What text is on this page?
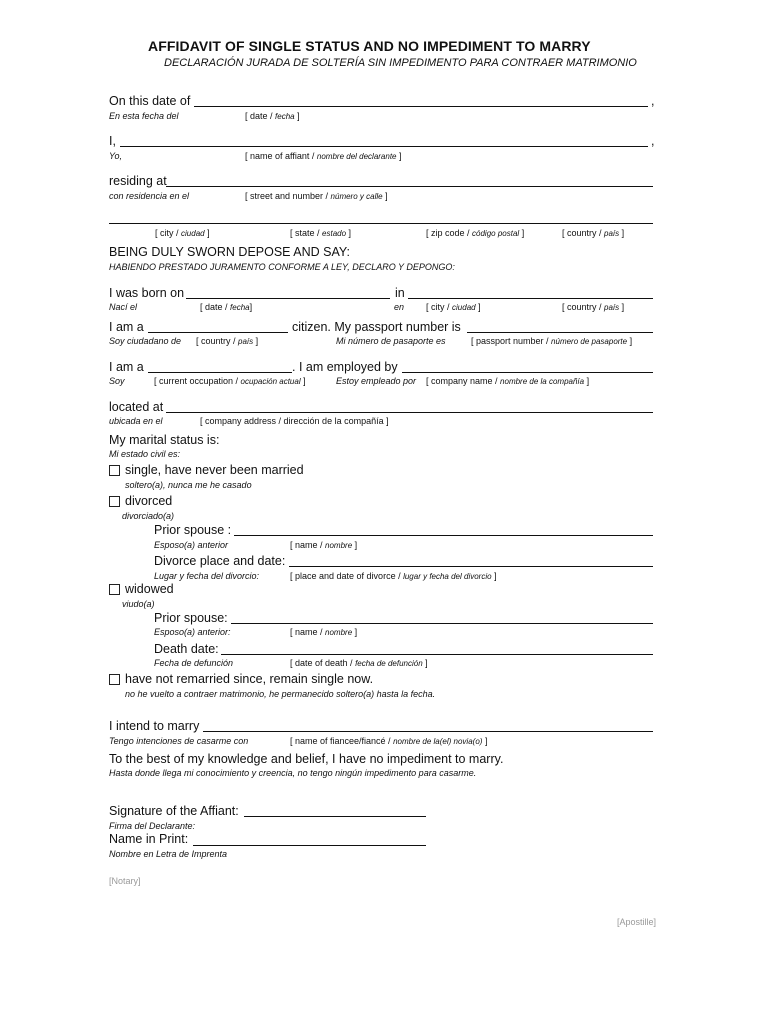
AFFIDAVIT OF SINGLE STATUS AND NO IMPEDIMENT TO MARRY
DECLARACIÓN JURADA DE SOLTERÍA SIN IMPEDIMENTO PARA CONTRAER MATRIMONIO
On this date of	,
En esta fecha del	[ date / fecha ]
I,	,
Yo,	[ name of affiant / nombre del declarante ]
residing at
con residencia en el	[ street and number / número y calle ]
[ city / ciudad ]	[ state / estado ]	[ zip code / código postal ]	[ country / país ]
BEING DULY SWORN DEPOSE AND SAY:
HABIENDO PRESTADO JURAMENTO CONFORME A LEY, DECLARO Y DEPONGO:
I was born on	in
Nací el	[ date / fecha]	en [ city / ciudad ]	[ country / país ]
I am a	citizen. My passport number is
Soy ciudadano de [ country / país ]	Mi número de pasaporte es	[ passport number / número de pasaporte ]
I am a	. I am employed by
Soy	[ current occupation / ocupación actual ]	Estoy empleado por [ company name / nombre de la compañía ]
located at
ubicada en el	[ company address / dirección de la compañía ]
My marital status is:
Mi estado civil es:
single, have never been married
soltero(a), nunca me he casado
divorced
divorciado(a)
Prior spouse :
Esposo(a) anterior	[ name / nombre ]
Divorce place and date:
Lugar y fecha del divorcio:	[ place and date of divorce / lugar y fecha del divorcio ]
widowed
viudo(a)
Prior spouse:
Esposo(a) anterior:	[ name / nombre ]
Death date:
Fecha de defunción	[ date of death / fecha de defunción ]
have not remarried since, remain single now.
no he vuelto a contraer matrimonio, he permanecido soltero(a) hasta la fecha.
I intend to marry
Tengo intenciones de casarme con	[ name of fiancee/fiancé / nombre de la(el) novia(o) ]
To the best of my knowledge and belief, I have no impediment to marry.
Hasta donde llega mi conocimiento y creencia, no tengo ningún impedimento para casarme.
Signature of the Affiant:
Firma del Declarante:
Name in Print:
Nombre en Letra de Imprenta
[Notary]
[Apostille]
